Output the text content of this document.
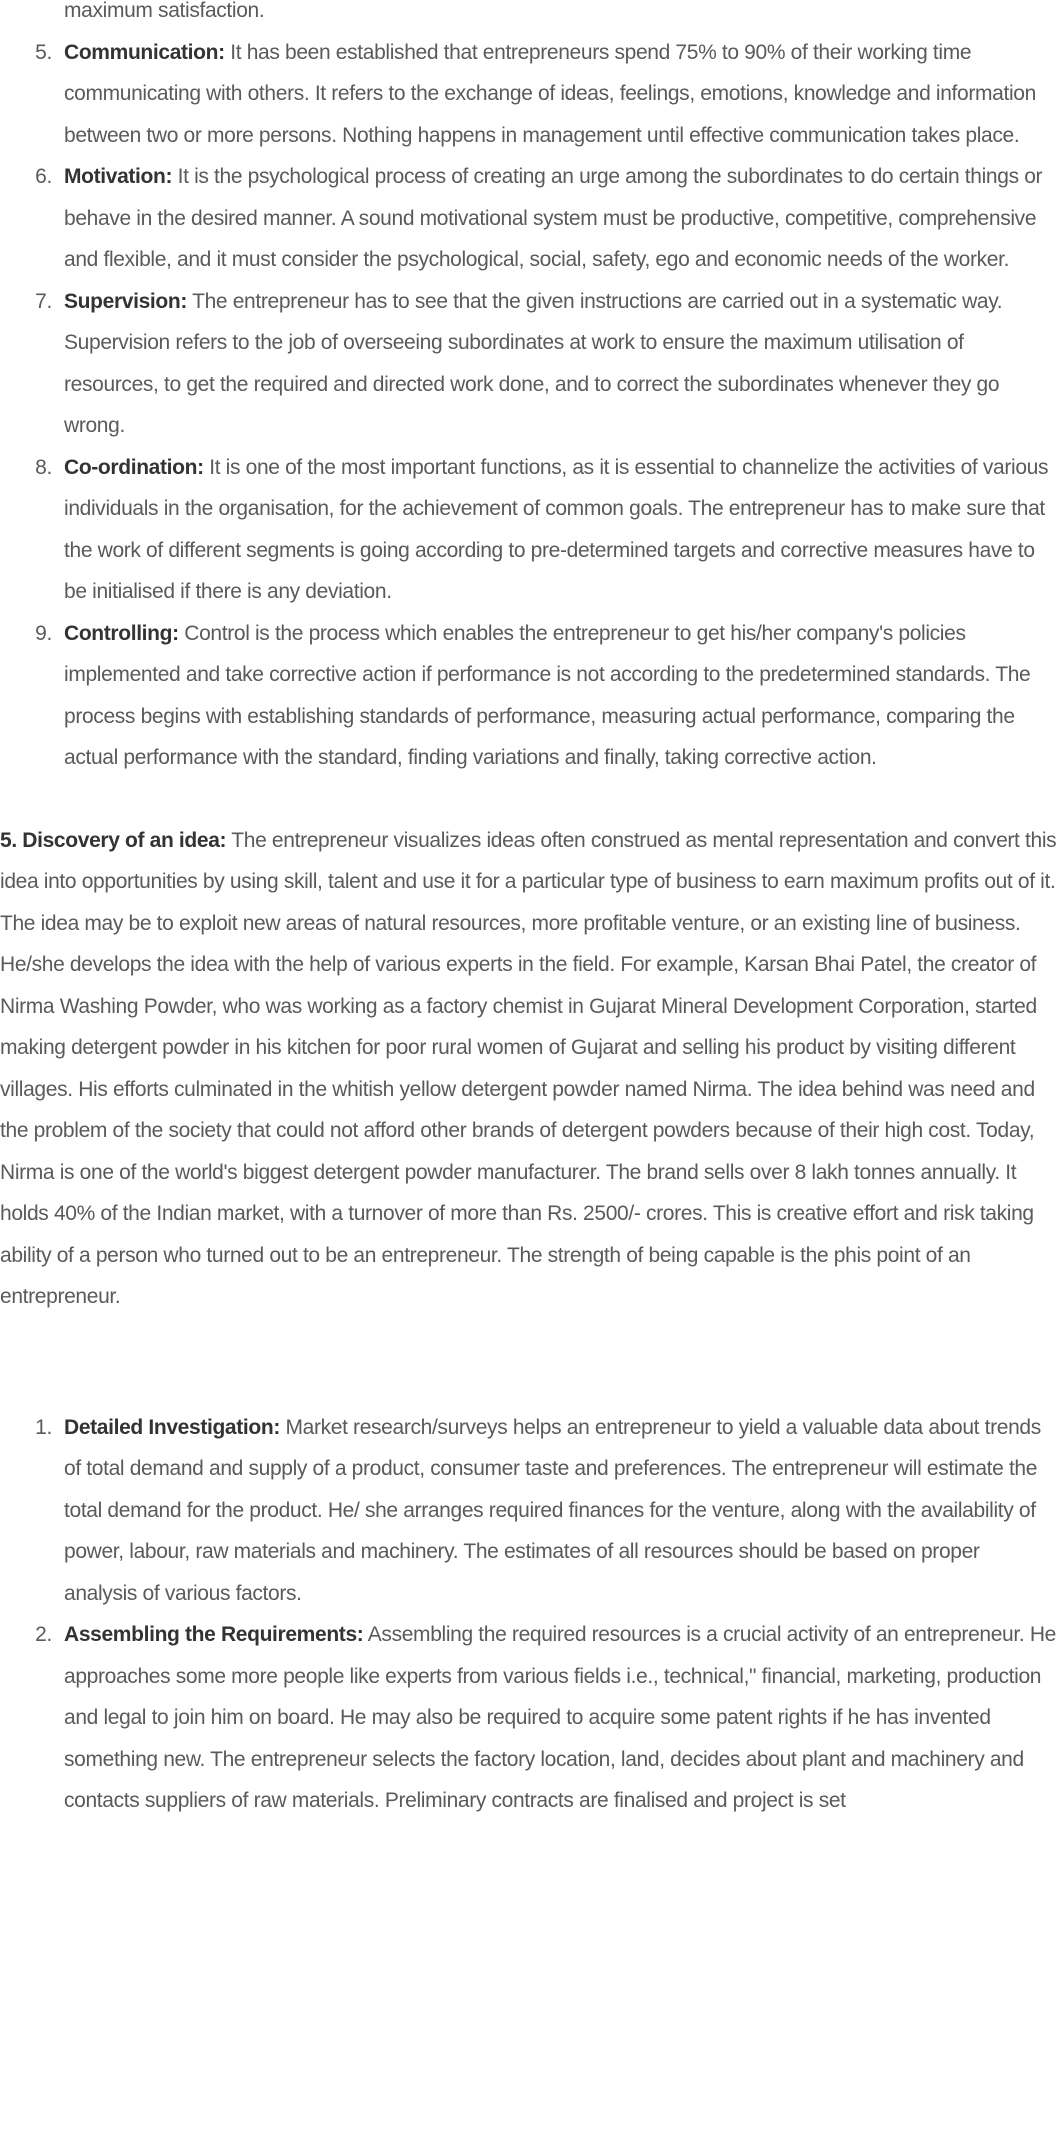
maximum satisfaction.
5. Communication: It has been established that entrepreneurs spend 75% to 90% of their working time communicating with others. It refers to the exchange of ideas, feelings, emotions, knowledge and information between two or more persons. Nothing happens in management until effective communication takes place.
6. Motivation: It is the psychological process of creating an urge among the subordinates to do certain things or behave in the desired manner. A sound motivational system must be productive, competitive, comprehensive and flexible, and it must consider the psychological, social, safety, ego and economic needs of the worker.
7. Supervision: The entrepreneur has to see that the given instructions are carried out in a systematic way. Supervision refers to the job of overseeing subordinates at work to ensure the maximum utilisation of resources, to get the required and directed work done, and to correct the subordinates whenever they go wrong.
8. Co-ordination: It is one of the most important functions, as it is essential to channelize the activities of various individuals in the organisation, for the achievement of common goals. The entrepreneur has to make sure that the work of different segments is going according to pre-determined targets and corrective measures have to be initialised if there is any deviation.
9. Controlling: Control is the process which enables the entrepreneur to get his/her company's policies implemented and take corrective action if performance is not according to the predetermined standards. The process begins with establishing standards of performance, measuring actual performance, comparing the actual performance with the standard, finding variations and finally, taking corrective action.

5. Discovery of an idea: The entrepreneur visualizes ideas often construed as mental representation and convert this idea into opportunities by using skill, talent and use it for a particular type of business to earn maximum profits out of it. The idea may be to exploit new areas of natural resources, more profitable venture, or an existing line of business. He/she develops the idea with the help of various experts in the field. For example, Karsan Bhai Patel, the creator of Nirma Washing Powder, who was working as a factory chemist in Gujarat Mineral Development Corporation, started making detergent powder in his kitchen for poor rural women of Gujarat and selling his product by visiting different villages. His efforts culminated in the whitish yellow detergent powder named Nirma. The idea behind was need and the problem of the society that could not afford other brands of detergent powders because of their high cost. Today, Nirma is one of the world's biggest detergent powder manufacturer. The brand sells over 8 lakh tonnes annually. It holds 40% of the Indian market, with a turnover of more than Rs. 2500/- crores. This is creative effort and risk taking ability of a person who turned out to be an entrepreneur. The strength of being capable is the phis point of an entrepreneur.

1. Detailed Investigation: Market research/surveys helps an entrepreneur to yield a valuable data about trends of total demand and supply of a product, consumer taste and preferences. The entrepreneur will estimate the total demand for the product. He/ she arranges required finances for the venture, along with the availability of power, labour, raw materials and machinery. The estimates of all resources should be based on proper analysis of various factors.
2. Assembling the Requirements: Assembling the required resources is a crucial activity of an entrepreneur. He approaches some more people like experts from various fields i.e., technical," financial, marketing, production and legal to join him on board. He may also be required to acquire some patent rights if he has invented something new. The entrepreneur selects the factory location, land, decides about plant and machinery and contacts suppliers of raw materials. Preliminary contracts are finalised and project is set
